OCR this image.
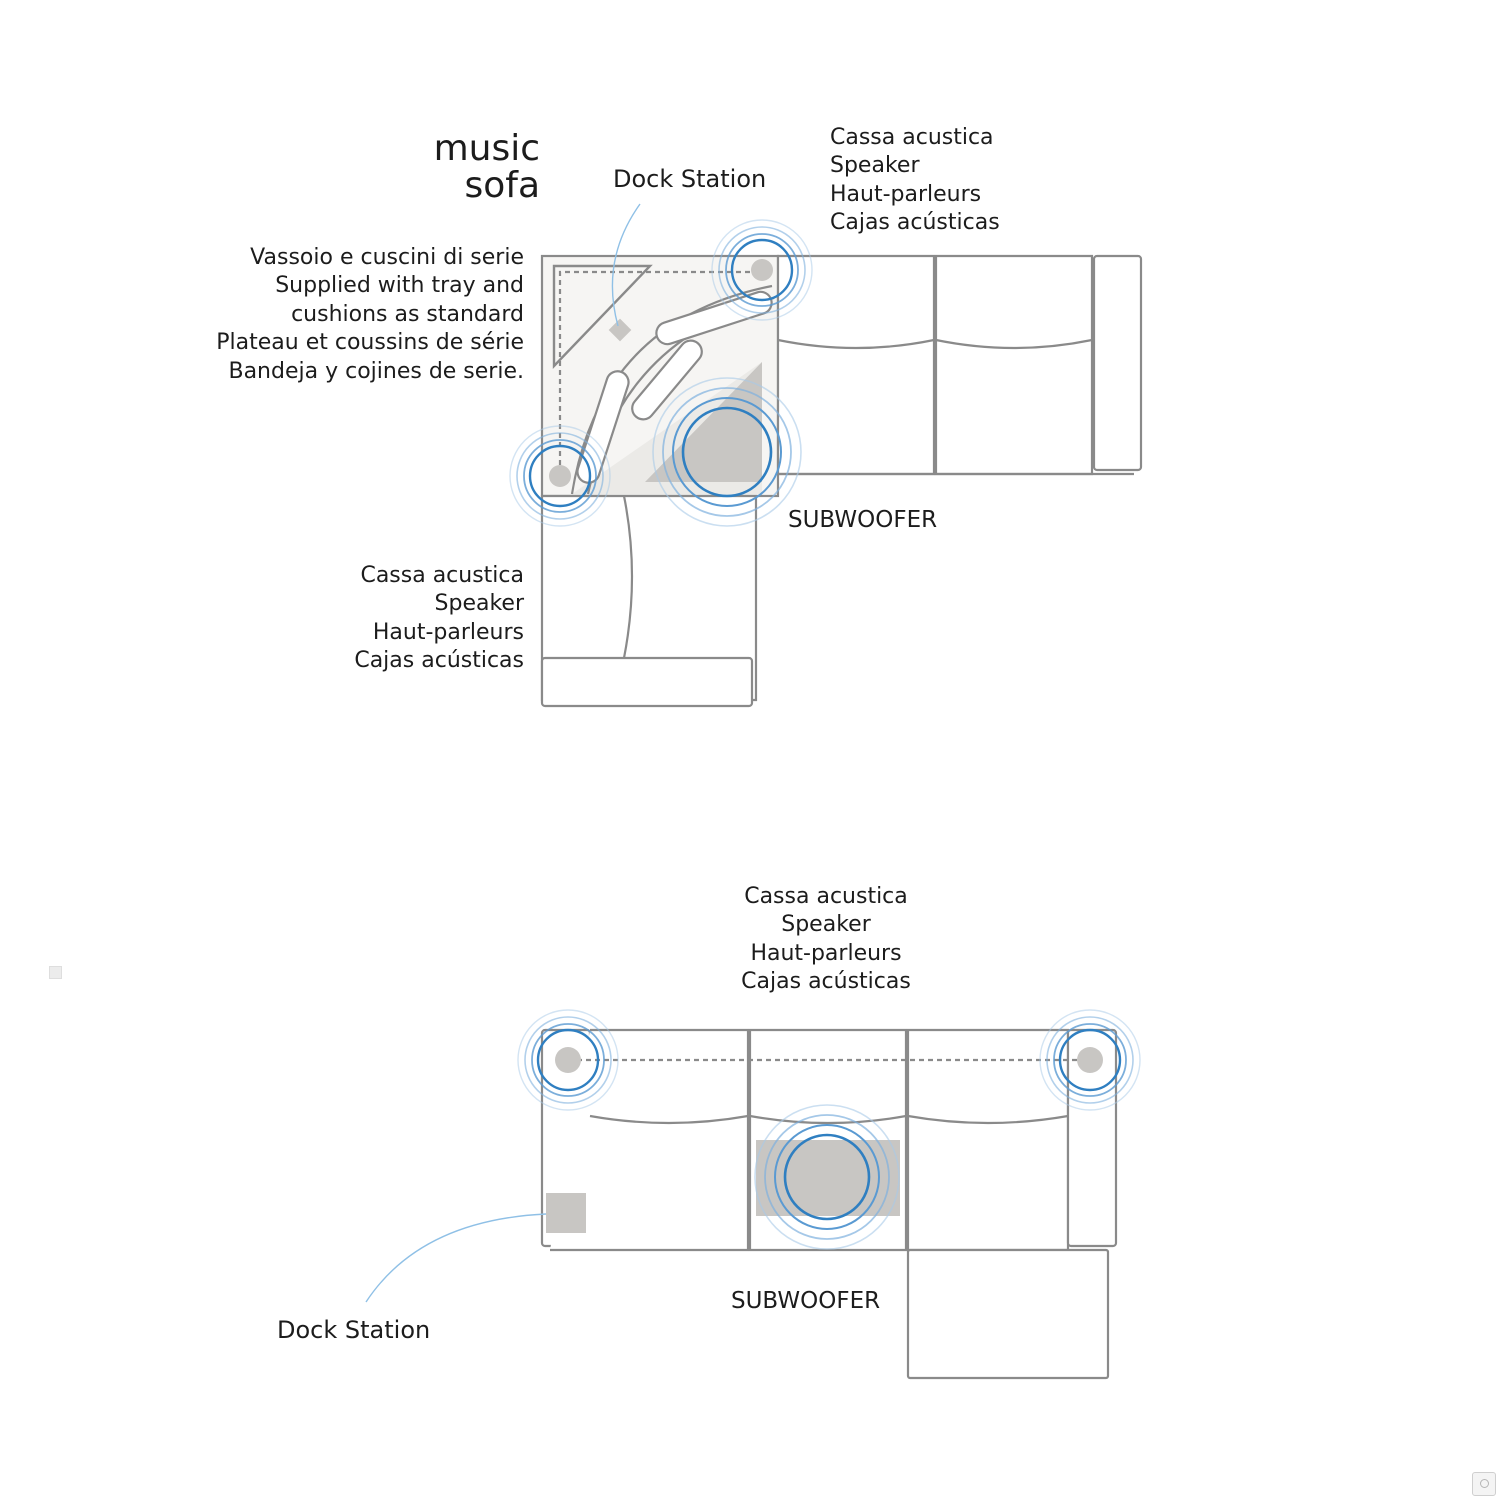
music
sofa	Dock Station
Cassa acustica
Speaker
Haut-parleurs
Cajas acústicas
Vassoio e cuscini di serie
Supplied with tray and
cushions as standard
Plateau et coussins de série
Bandeja y cojines de serie.
SUBWOOFER
Cassa acustica
Speaker
Haut-parleurs
Cajas acústicas
Cassa acustica
Speaker
Haut-parleurs
Cajas acústicas
SUBWOOFER
Dock Station
